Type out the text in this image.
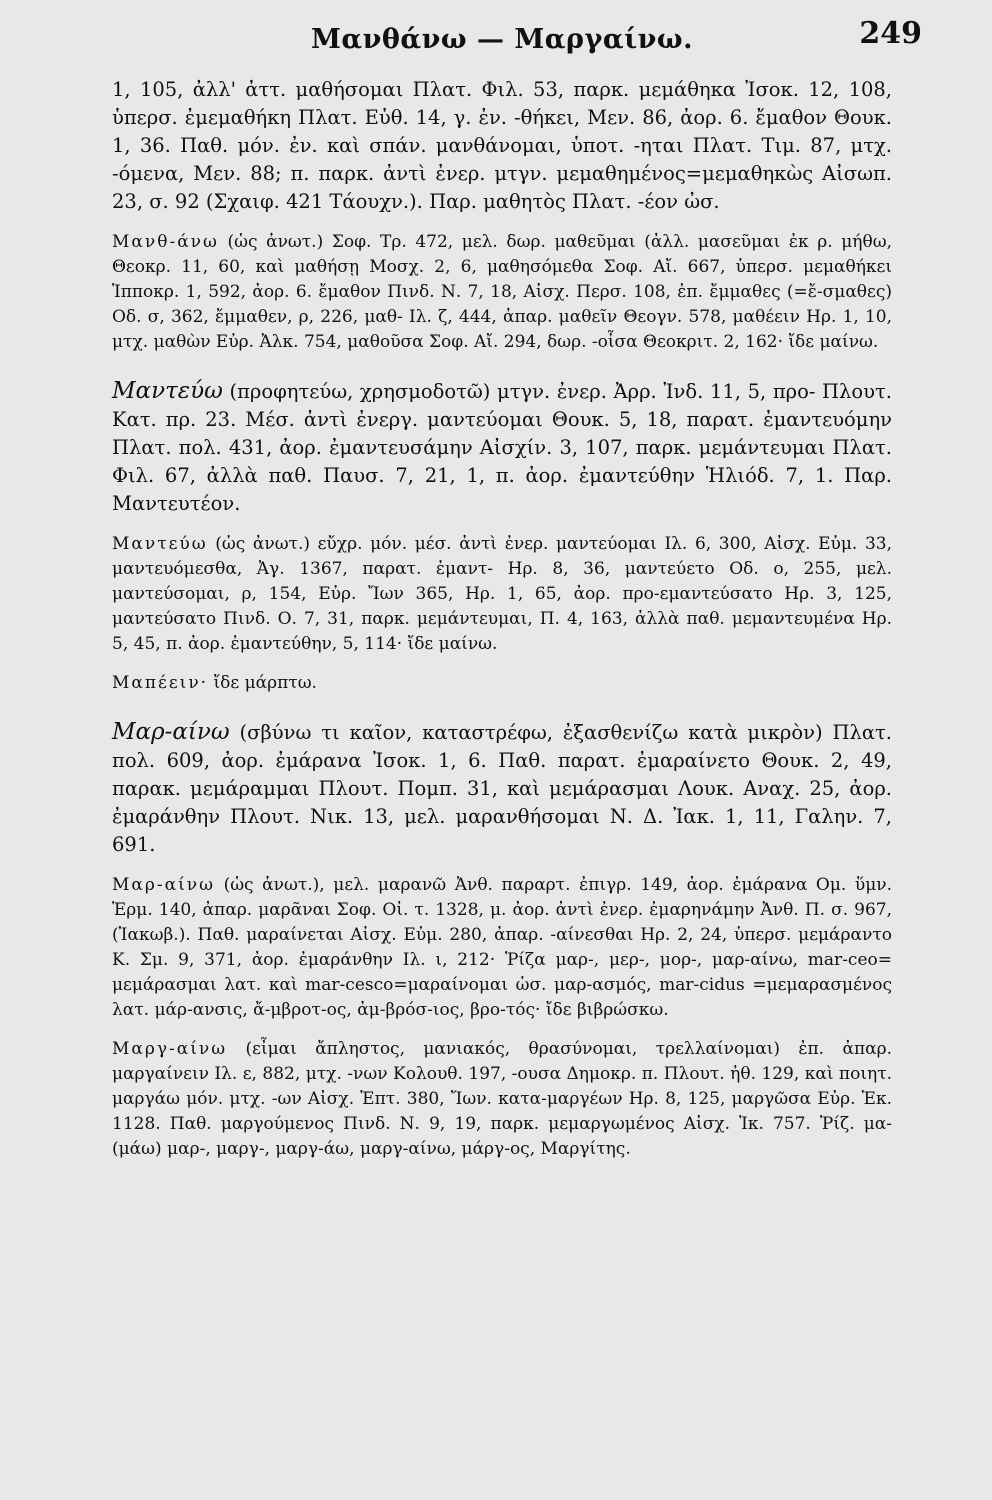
Μανθάνω — Μαργαίνω.	249

1, 105, ἀλλ' ἀττ. μαθήσομαι Πλατ. Φιλ. 53, παρκ. μεμάθηκα Ἰσοκ. 12, 108, ὑπερσ. ἐμεμαθήκη Πλατ. Εὐθ. 14, γ. ἐν. -θήκει, Μεν. 86, ἀορ. 6. ἔμαθον Θουκ. 1, 36. Παθ. μόν. ἐν. καὶ σπάν. μανθάνομαι, ὑποτ. -ηται Πλατ. Τιμ. 87, μτχ. -όμενα, Μεν. 88; π. παρκ. ἀντὶ ἐνερ. μτγν. μεμαθημένος=μεμαθηκὼς Αἰσωπ. 23, σ. 92 (Σχαιφ. 421 Τάουχν.). Παρ. μαθητὸς Πλατ. -έον ὠσ.

Μανθ-άνω (ὡς ἀνωτ.) Σοφ. Τρ. 472, μελ. δωρ. μαθεῦμαι (ἀλλ. μασεῦμαι ἐκ ρ. μήθω, Θεοκρ. 11, 60, καὶ μαθήσῃ Μοσχ. 2, 6, μαθησόμεθα Σοφ. Αἴ. 667, ὑπερσ. μεμαθήκει Ἱπποκρ. 1, 592, ἀορ. 6. ἔμαθον Πινδ. Ν. 7, 18, Αἰσχ. Περσ. 108, ἐπ. ἔμμαθες (=ἔ-σμαθες) Οδ. σ, 362, ἔμμαθεν, ρ, 226, μαθ- Ιλ. ζ, 444, ἀπαρ. μαθεῖν Θεογν. 578, μαθέειν Ηρ. 1, 10, μτχ. μαθὼν Εὐρ. Ἀλκ. 754, μαθοῦσα Σοφ. Αἴ. 294, δωρ. -οἶσα Θεοκριτ. 2, 162· ἴδε μαίνω.

Μαντεύω (προφητεύω, χρησμοδοτῶ) μτγν. ἐνερ. Ἀρρ. Ἰνδ. 11, 5, προ- Πλουτ. Κατ. πρ. 23. Μέσ. ἀντὶ ἐνεργ. μαντεύομαι Θουκ. 5, 18, παρατ. ἐμαντευόμην Πλατ. πολ. 431, ἀορ. ἐμαντευσάμην Αἰσχίν. 3, 107, παρκ. μεμάντευμαι Πλατ. Φιλ. 67, ἀλλὰ παθ. Παυσ. 7, 21, 1, π. ἀορ. ἐμαντεύθην Ἡλιόδ. 7, 1. Παρ. Μαντευτέον.

Μαντεύω (ὡς ἀνωτ.) εὔχρ. μόν. μέσ. ἀντὶ ἐνερ. μαντεύομαι Ιλ. 6, 300, Αἰσχ. Εὐμ. 33, μαντευόμεσθα, Ἀγ. 1367, παρατ. ἐμαντ- Ηρ. 8, 36, μαντεύετο Οδ. ο, 255, μελ. μαντεύσομαι, ρ, 154, Εὐρ. Ἴων 365, Ηρ. 1, 65, ἀορ. προ-εμαντεύσατο Ηρ. 3, 125, μαντεύσατο Πινδ. Ο. 7, 31, παρκ. μεμάντευμαι, Π. 4, 163, ἀλλὰ παθ. μεμαντευμένα Ηρ. 5, 45, π. ἀορ. ἐμαντεύθην, 5, 114· ἴδε μαίνω.

Μαπέειν· ἴδε μάρπτω.

Μαρ-αίνω (σβύνω τι καῖον, καταστρέφω, ἐξασθενίζω κατὰ μικρὸν) Πλατ. πολ. 609, ἀορ. ἐμάρανα Ἰσοκ. 1, 6. Παθ. παρατ. ἐμαραίνετο Θουκ. 2, 49, παρακ. μεμάραμμαι Πλουτ. Πομπ. 31, καὶ μεμάρασμαι Λουκ. Αναχ. 25, ἀορ. ἐμαράνθην Πλουτ. Νικ. 13, μελ. μαρανθήσομαι Ν. Δ. Ἰακ. 1, 11, Γαλην. 7, 691.

Μαρ-αίνω (ὡς ἀνωτ.), μελ. μαρανῶ Ἀνθ. παραρτ. ἐπιγρ. 149, ἀορ. ἐμάρανα Ομ. ὕμν. Ἑρμ. 140, ἀπαρ. μαρᾶναι Σοφ. Οἰ. τ. 1328, μ. ἀορ. ἀντὶ ἐνερ. ἐμαρηνάμην Ἀνθ. Π. σ. 967, (Ἰακωβ.). Παθ. μαραίνεται Αἰσχ. Εὐμ. 280, ἀπαρ. -αίνεσθαι Ηρ. 2, 24, ὑπερσ. μεμάραντο Κ. Σμ. 9, 371, ἀορ. ἐμαράνθην Ιλ. ι, 212· Ῥίζα μαρ-, μερ-, μορ-, μαρ-αίνω, mar-ceo= μεμάρασμαι λατ. καὶ mar-cesco=μαραίνομαι ὡσ. μαρ-ασμός, mar-cidus =μεμαρασμένος λατ. μάρ-ανσις, ἄ-μβροτ-ος, ἀμ-βρόσ-ιος, βρο-τός· ἴδε βιβρώσκω.

Μαργ-αίνω (εἶμαι ἄπληστος, μανιακός, θρασύνομαι, τρελλαίνομαι) ἐπ. ἀπαρ. μαργαίνειν Ιλ. ε, 882, μτχ. -νων Κολουθ. 197, -ουσα Δημοκρ. π. Πλουτ. ἠθ. 129, καὶ ποιητ. μαργάω μόν. μτχ. -ων Αἰσχ. Ἑπτ. 380, Ἴων. κατα-μαργέων Ηρ. 8, 125, μαργῶσα Εὐρ. Ἑκ. 1128. Παθ. μαργούμενος Πινδ. Ν. 9, 19, παρκ. μεμαργωμένος Αἰσχ. Ἱκ. 757. Ῥίζ. μα- (μάω) μαρ-, μαργ-, μαργ-άω, μαργ-αίνω, μάργ-ος, Μαργίτης.
